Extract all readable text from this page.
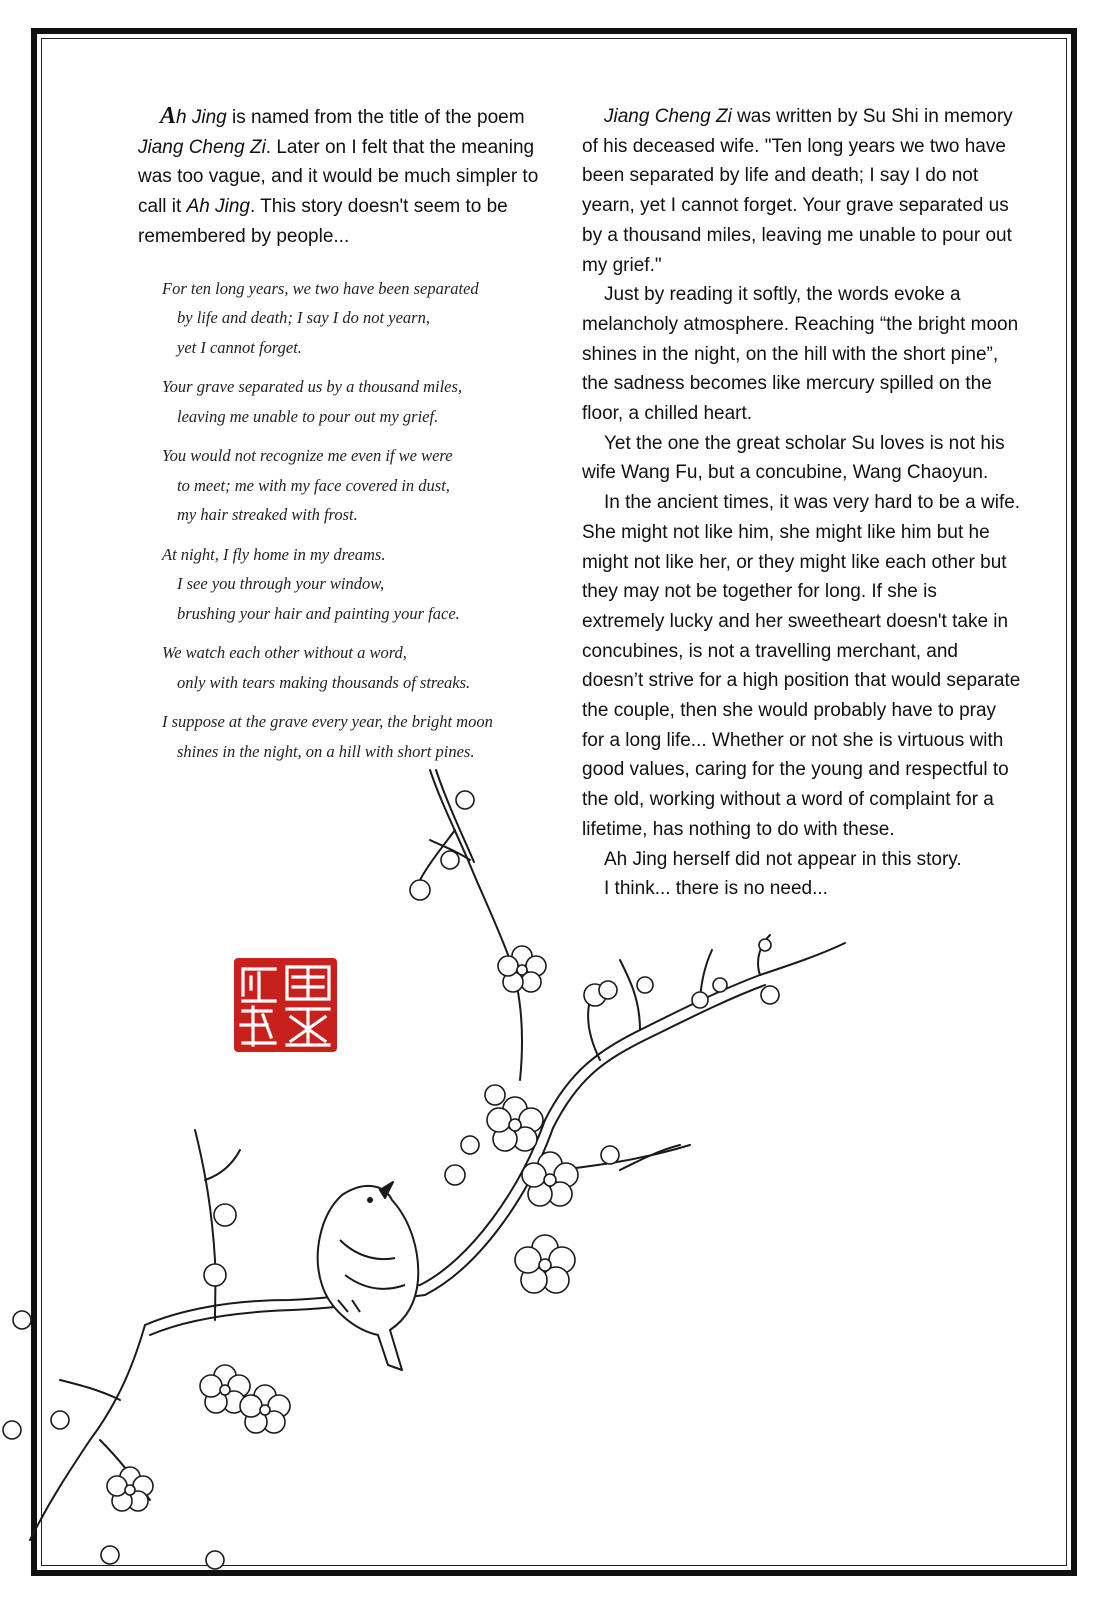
Ah Jing is named from the title of the poem Jiang Cheng Zi. Later on I felt that the meaning was too vague, and it would be much simpler to call it Ah Jing. This story doesn't seem to be remembered by people...

For ten long years, we two have been separated
by life and death; I say I do not yearn,
yet I cannot forget.

Your grave separated us by a thousand miles,
leaving me unable to pour out my grief.

You would not recognize me even if we were
to meet; me with my face covered in dust,
my hair streaked with frost.

At night, I fly home in my dreams.
I see you through your window,
brushing your hair and painting your face.

We watch each other without a word,
only with tears making thousands of streaks.

I suppose at the grave every year, the bright moon
shines in the night, on a hill with short pines.

Jiang Cheng Zi was written by Su Shi in memory of his deceased wife. "Ten long years we two have been separated by life and death; I say I do not yearn, yet I cannot forget. Your grave separated us by a thousand miles, leaving me unable to pour out my grief."

Just by reading it softly, the words evoke a melancholy atmosphere. Reaching “the bright moon shines in the night, on the hill with the short pine”, the sadness becomes like mercury spilled on the floor, a chilled heart.

Yet the one the great scholar Su loves is not his wife Wang Fu, but a concubine, Wang Chaoyun.

In the ancient times, it was very hard to be a wife. She might not like him, she might like him but he might not like her, or they might like each other but they may not be together for long. If she is extremely lucky and her sweetheart doesn't take in concubines, is not a travelling merchant, and doesn’t strive for a high position that would separate the couple, then she would probably have to pray for a long life... Whether or not she is virtuous with good values, caring for the young and respectful to the old, working without a word of complaint for a lifetime, has nothing to do with these.

Ah Jing herself did not appear in this story.

I think... there is no need...
